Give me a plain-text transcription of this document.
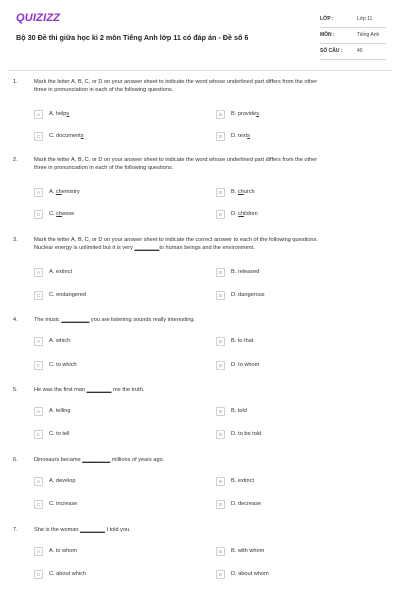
QUIZIZZ
Bộ 30 Đề thi giữa học kì 2 môn Tiếng Anh lớp 11 có đáp án - Đề số 6
LỚP :	Lớp 11
MÔN :	Tiếng Anh
SỐ CÂU :	40
1.	Mark the letter A, B, C, or D on your answer sheet to indicate the word whose underlined part differs from the other
three in pronunciation in each of the following questions.
A	A. helps	B	B. provides
C	C. documents	D	D. texts
2.	Mark the letter A, B, C, or D on your answer sheet to indicate the word whose underlined part differs from the other
three in pronunciation in each of the following questions.
A	A. chemistry	B	B. church
C	C. cheese	D	D. children
3.	Mark the letter A, B, C, or D on your answer sheet to indicate the correct answer to each of the following questions.
Nuclear energy is unlimited but it is very ________to human beings and the environment.
A	A. extinct	B	B. released
C	C. endangered	D	D. dangerous
4.	The music _________ you are listening sounds really interesting.
A	A. which	B	B. to that
C	C. to which	D	D. to whom
5.	He was the first man ________ me the truth.
A	A. telling	B	B. told
C	C. to tell	D	D. to be told
6.	Dinosaurs became _________ millions of years ago.
A	A. develop	B	B. extinct
C	C. increase	D	D. decrease
7.	She is the woman ________ I told you.
A	A. to whom	B	B. with whom
C	C. about which	D	D. about whom
